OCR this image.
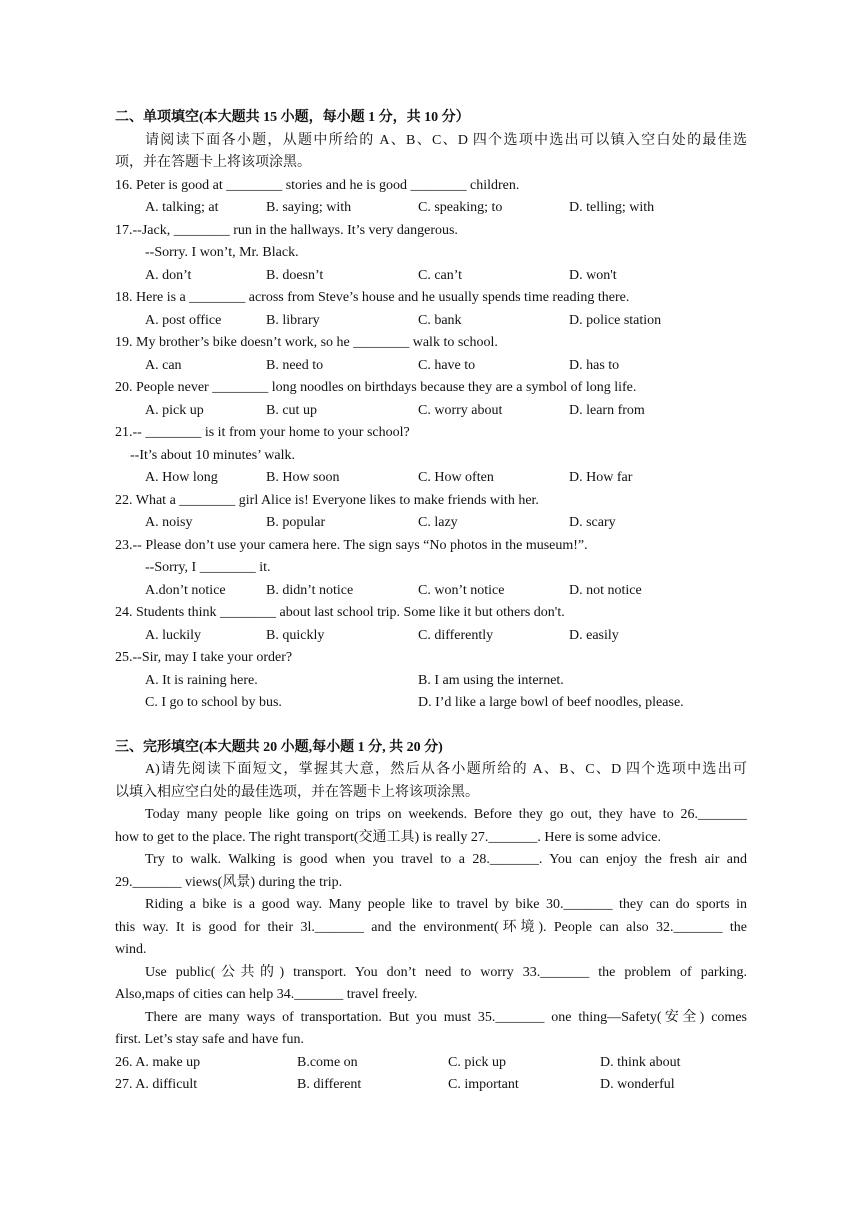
二、单项填空(本大题共 15 小题，每小题 1 分，共 10 分）
请阅读下面各小题，从题中所给的 A、B、C、D 四个选项中选出可以镇入空白处的最佳选
项，并在答题卡上将该项涂黑。
16. Peter is good at ________ stories and he is good ________ children.
A. talking; at	B. saying; with	C. speaking; to	D. telling; with
17.--Jack, ________ run in the hallways. It’s very dangerous.
--Sorry. I won’t, Mr. Black.
A. don’t	B. doesn’t	C. can’t	D. won't
18. Here is a ________ across from Steve’s house and he usually spends time reading there.
A. post office	B. library	C. bank	D. police station
19. My brother’s bike doesn’t work, so he ________ walk to school.
A. can	B. need to	C. have to	D. has to
20. People never ________ long noodles on birthdays because they are a symbol of long life.
A. pick up	B. cut up	C. worry about	D. learn from
21.-- ________ is it from your home to your school?
--It’s about 10 minutes’ walk.
A. How long	B. How soon	C. How often	D. How far
22. What a ________ girl Alice is! Everyone likes to make friends with her.
A. noisy	B. popular	C. lazy	D. scary
23.-- Please don’t use your camera here. The sign says “No photos in the museum!”.
--Sorry, I ________ it.
A.don’t notice	B. didn’t notice	C. won’t notice	D. not notice
24. Students think ________ about last school trip. Some like it but others don't.
A. luckily	B. quickly	C. differently	D. easily
25.--Sir, may I take your order?
A. It is raining here.	B. I am using the internet.
C. I go to school by bus.	D. I’d like a large bowl of beef noodles, please.
三、完形填空(本大题共 20 小题,每小题 1 分, 共 20 分)
A)请先阅读下面短文，掌握其大意，然后从各小题所给的 A、B、C、D 四个选项中选出可
以填入相应空白处的最佳选项，并在答题卡上将该项涂黑。
Today many people like going on trips on weekends. Before they go out, they have to 26._______
how to get to the place. The right transport(交通工具) is really 27._______. Here is some advice.
Try to walk. Walking is good when you travel to a 28._______. You can enjoy the fresh air and
29._______ views(风景) during the trip.
Riding a bike is a good way. Many people like to travel by bike 30._______ they can do sports in
this way. It is good for their 3l._______ and the environment(环境). People can also 32._______ the
wind.
Use public(公共的) transport. You don’t need to worry 33._______ the problem of parking.
Also,maps of cities can help 34._______ travel freely.
There are many ways of transportation. But you must 35._______ one thing—Safety(安全) comes
first. Let’s stay safe and have fun.
26. A. make up	B.come on	C. pick up	D. think about
27. A. difficult	B. different	C. important	D. wonderful
